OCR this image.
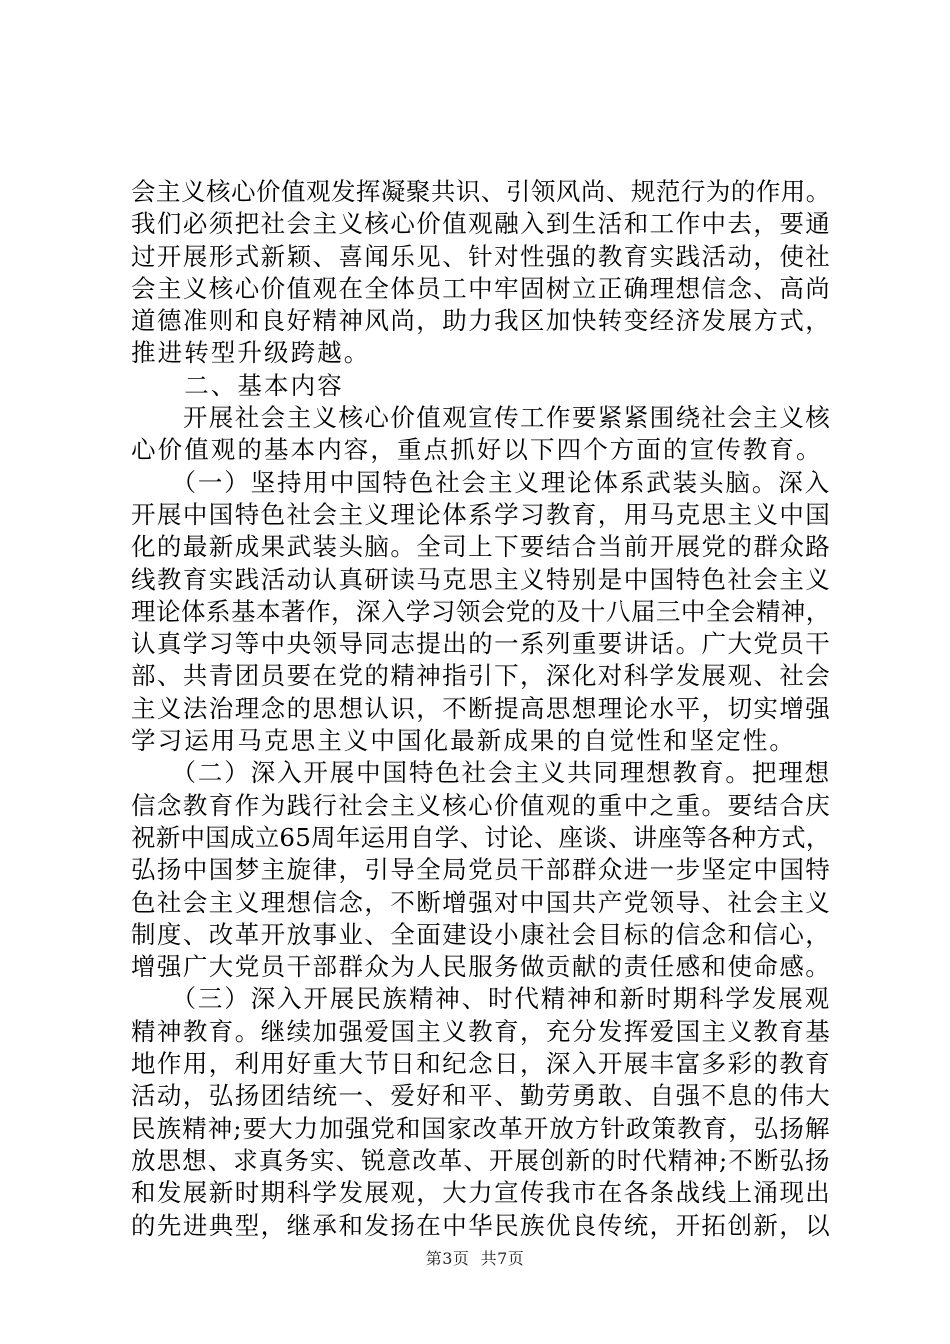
会主义核心价值观发挥凝聚共识、引领风尚、规范行为的作用。
我们必须把社会主义核心价值观融入到生活和工作中去，要通
过开展形式新颖、喜闻乐见、针对性强的教育实践活动，使社
会主义核心价值观在全体员工中牢固树立正确理想信念、高尚
道德准则和良好精神风尚，助力我区加快转变经济发展方式，
推进转型升级跨越。
　　二、基本内容
　　开展社会主义核心价值观宣传工作要紧紧围绕社会主义核
心价值观的基本内容，重点抓好以下四个方面的宣传教育。
　　（一）坚持用中国特色社会主义理论体系武装头脑。深入
开展中国特色社会主义理论体系学习教育，用马克思主义中国
化的最新成果武装头脑。全司上下要结合当前开展党的群众路
线教育实践活动认真研读马克思主义特别是中国特色社会主义
理论体系基本著作，深入学习领会党的及十八届三中全会精神，
认真学习等中央领导同志提出的一系列重要讲话。广大党员干
部、共青团员要在党的精神指引下，深化对科学发展观、社会
主义法治理念的思想认识，不断提高思想理论水平，切实增强
学习运用马克思主义中国化最新成果的自觉性和坚定性。
　　（二）深入开展中国特色社会主义共同理想教育。把理想
信念教育作为践行社会主义核心价值观的重中之重。要结合庆
祝新中国成立65周年运用自学、讨论、座谈、讲座等各种方式，
弘扬中国梦主旋律，引导全局党员干部群众进一步坚定中国特
色社会主义理想信念，不断增强对中国共产党领导、社会主义
制度、改革开放事业、全面建设小康社会目标的信念和信心，
增强广大党员干部群众为人民服务做贡献的责任感和使命感。
　　（三）深入开展民族精神、时代精神和新时期科学发展观
精神教育。继续加强爱国主义教育，充分发挥爱国主义教育基
地作用，利用好重大节日和纪念日，深入开展丰富多彩的教育
活动，弘扬团结统一、爱好和平、勤劳勇敢、自强不息的伟大
民族精神;要大力加强党和国家改革开放方针政策教育，弘扬解
放思想、求真务实、锐意改革、开展创新的时代精神;不断弘扬
和发展新时期科学发展观，大力宣传我市在各条战线上涌现出
的先进典型，继承和发扬在中华民族优良传统，开拓创新，以
第3页  共7页
